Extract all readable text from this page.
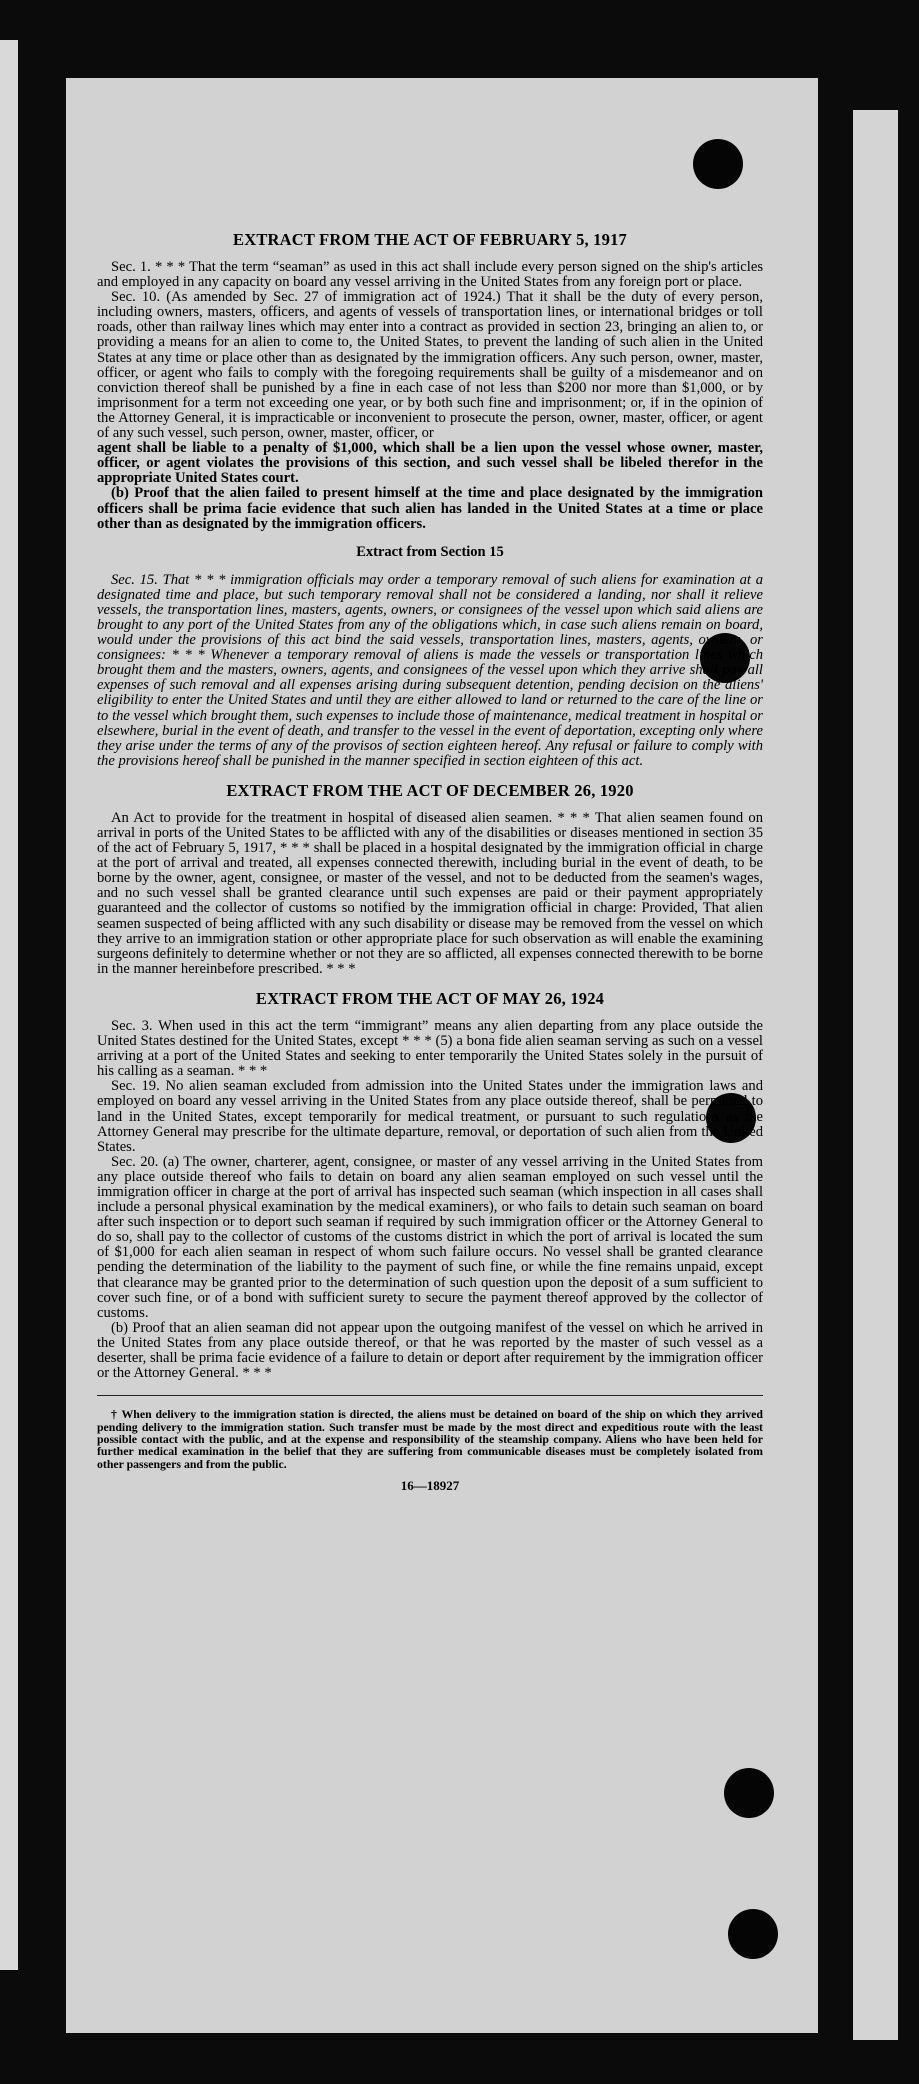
EXTRACT FROM THE ACT OF FEBRUARY 5, 1917

Sec. 1. * * * That the term “seaman” as used in this act shall include every person signed on the ship's articles and employed in any capacity on board any vessel arriving in the United States from any foreign port or place.

Sec. 10. (As amended by Sec. 27 of immigration act of 1924.) That it shall be the duty of every person, including owners, masters, officers, and agents of vessels of transportation lines, or international bridges or toll roads, other than railway lines which may enter into a contract as provided in section 23, bringing an alien to, or providing a means for an alien to come to, the United States, to prevent the landing of such alien in the United States at any time or place other than as designated by the immigration officers. Any such person, owner, master, officer, or agent who fails to comply with the foregoing requirements shall be guilty of a misdemeanor and on conviction thereof shall be punished by a fine in each case of not less than $200 nor more than $1,000, or by imprisonment for a term not exceeding one year, or by both such fine and imprisonment; or, if in the opinion of the Attorney General, it is impracticable or inconvenient to prosecute the person, owner, master, officer, or agent of any such vessel, such person, owner, master, officer, or

agent shall be liable to a penalty of $1,000, which shall be a lien upon the vessel whose owner, master, officer, or agent violates the provisions of this section, and such vessel shall be libeled therefor in the appropriate United States court.

(b) Proof that the alien failed to present himself at the time and place designated by the immigration officers shall be prima facie evidence that such alien has landed in the United States at a time or place other than as designated by the immigration officers.

Extract from Section 15

Sec. 15. That * * * immigration officials may order a temporary removal of such aliens for examination at a designated time and place, but such temporary removal shall not be considered a landing, nor shall it relieve vessels, the transportation lines, masters, agents, owners, or consignees of the vessel upon which said aliens are brought to any port of the United States from any of the obligations which, in case such aliens remain on board, would under the provisions of this act bind the said vessels, transportation lines, masters, agents, owners, or consignees: * * * Whenever a temporary removal of aliens is made the vessels or transportation lines which brought them and the masters, owners, agents, and consignees of the vessel upon which they arrive shall pay all expenses of such removal and all expenses arising during subsequent detention, pending decision on the aliens' eligibility to enter the United States and until they are either allowed to land or returned to the care of the line or to the vessel which brought them, such expenses to include those of maintenance, medical treatment in hospital or elsewhere, burial in the event of death, and transfer to the vessel in the event of deportation, excepting only where they arise under the terms of any of the provisos of section eighteen hereof. Any refusal or failure to comply with the provisions hereof shall be punished in the manner specified in section eighteen of this act.

EXTRACT FROM THE ACT OF DECEMBER 26, 1920

An Act to provide for the treatment in hospital of diseased alien seamen. * * * That alien seamen found on arrival in ports of the United States to be afflicted with any of the disabilities or diseases mentioned in section 35 of the act of February 5, 1917, * * * shall be placed in a hospital designated by the immigration official in charge at the port of arrival and treated, all expenses connected therewith, including burial in the event of death, to be borne by the owner, agent, consignee, or master of the vessel, and not to be deducted from the seamen's wages, and no such vessel shall be granted clearance until such expenses are paid or their payment appropriately guaranteed and the collector of customs so notified by the immigration official in charge: Provided, That alien seamen suspected of being afflicted with any such disability or disease may be removed from the vessel on which they arrive to an immigration station or other appropriate place for such observation as will enable the examining surgeons definitely to determine whether or not they are so afflicted, all expenses connected therewith to be borne in the manner hereinbefore prescribed. * * *

EXTRACT FROM THE ACT OF MAY 26, 1924

Sec. 3. When used in this act the term “immigrant” means any alien departing from any place outside the United States destined for the United States, except * * * (5) a bona fide alien seaman serving as such on a vessel arriving at a port of the United States and seeking to enter temporarily the United States solely in the pursuit of his calling as a seaman. * * *

Sec. 19. No alien seaman excluded from admission into the United States under the immigration laws and employed on board any vessel arriving in the United States from any place outside thereof, shall be permitted to land in the United States, except temporarily for medical treatment, or pursuant to such regulations as the Attorney General may prescribe for the ultimate departure, removal, or deportation of such alien from the United States.

Sec. 20. (a) The owner, charterer, agent, consignee, or master of any vessel arriving in the United States from any place outside thereof who fails to detain on board any alien seaman employed on such vessel until the immigration officer in charge at the port of arrival has inspected such seaman (which inspection in all cases shall include a personal physical examination by the medical examiners), or who fails to detain such seaman on board after such inspection or to deport such seaman if required by such immigration officer or the Attorney General to do so, shall pay to the collector of customs of the customs district in which the port of arrival is located the sum of $1,000 for each alien seaman in respect of whom such failure occurs. No vessel shall be granted clearance pending the determination of the liability to the payment of such fine, or while the fine remains unpaid, except that clearance may be granted prior to the determination of such question upon the deposit of a sum sufficient to cover such fine, or of a bond with sufficient surety to secure the payment thereof approved by the collector of customs.

(b) Proof that an alien seaman did not appear upon the outgoing manifest of the vessel on which he arrived in the United States from any place outside thereof, or that he was reported by the master of such vessel as a deserter, shall be prima facie evidence of a failure to detain or deport after requirement by the immigration officer or the Attorney General. * * *

† When delivery to the immigration station is directed, the aliens must be detained on board of the ship on which they arrived pending delivery to the immigration station. Such transfer must be made by the most direct and expeditious route with the least possible contact with the public, and at the expense and responsibility of the steamship company. Aliens who have been held for further medical examination in the belief that they are suffering from communicable diseases must be completely isolated from other passengers and from the public.

16—18927
